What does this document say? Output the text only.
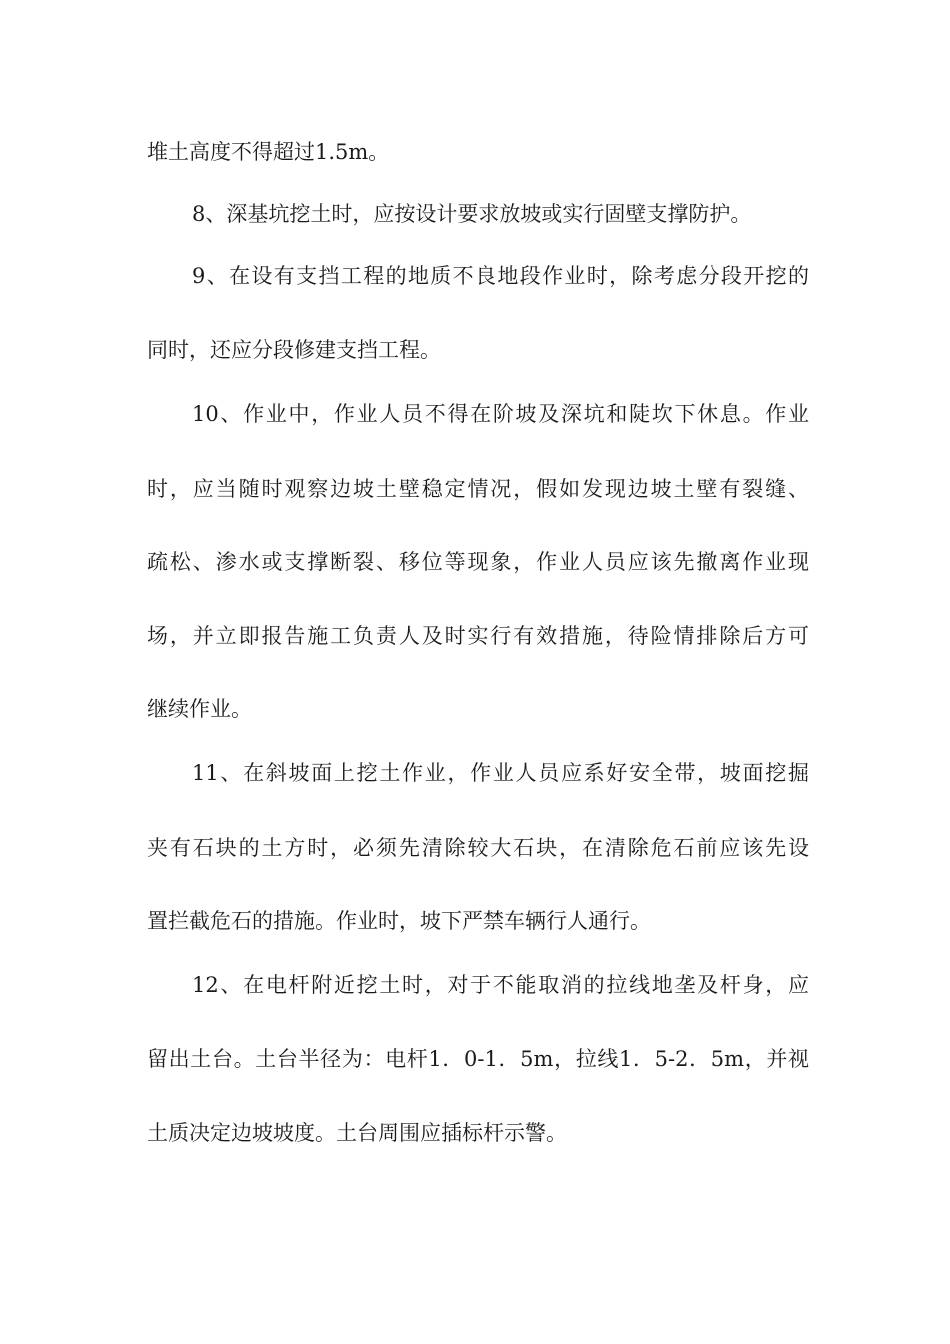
堆土高度不得超过1.5m。
8、深基坑挖土时，应按设计要求放坡或实行固壁支撑防护。
9、在设有支挡工程的地质不良地段作业时，除考虑分段开挖的
同时，还应分段修建支挡工程。
10、作业中，作业人员不得在阶坡及深坑和陡坎下休息。作业
时，应当随时观察边坡土壁稳定情况，假如发现边坡土壁有裂缝、
疏松、渗水或支撑断裂、移位等现象，作业人员应该先撤离作业现
场，并立即报告施工负责人及时实行有效措施，待险情排除后方可
继续作业。
11、在斜坡面上挖土作业，作业人员应系好安全带，坡面挖掘
夹有石块的土方时，必须先清除较大石块，在清除危石前应该先设
置拦截危石的措施。作业时，坡下严禁车辆行人通行。
12、在电杆附近挖土时，对于不能取消的拉线地垄及杆身，应
留出土台。土台半径为：电杆1．0-1．5m，拉线1．5-2．5m，并视
土质决定边坡坡度。土台周围应插标杆示警。
